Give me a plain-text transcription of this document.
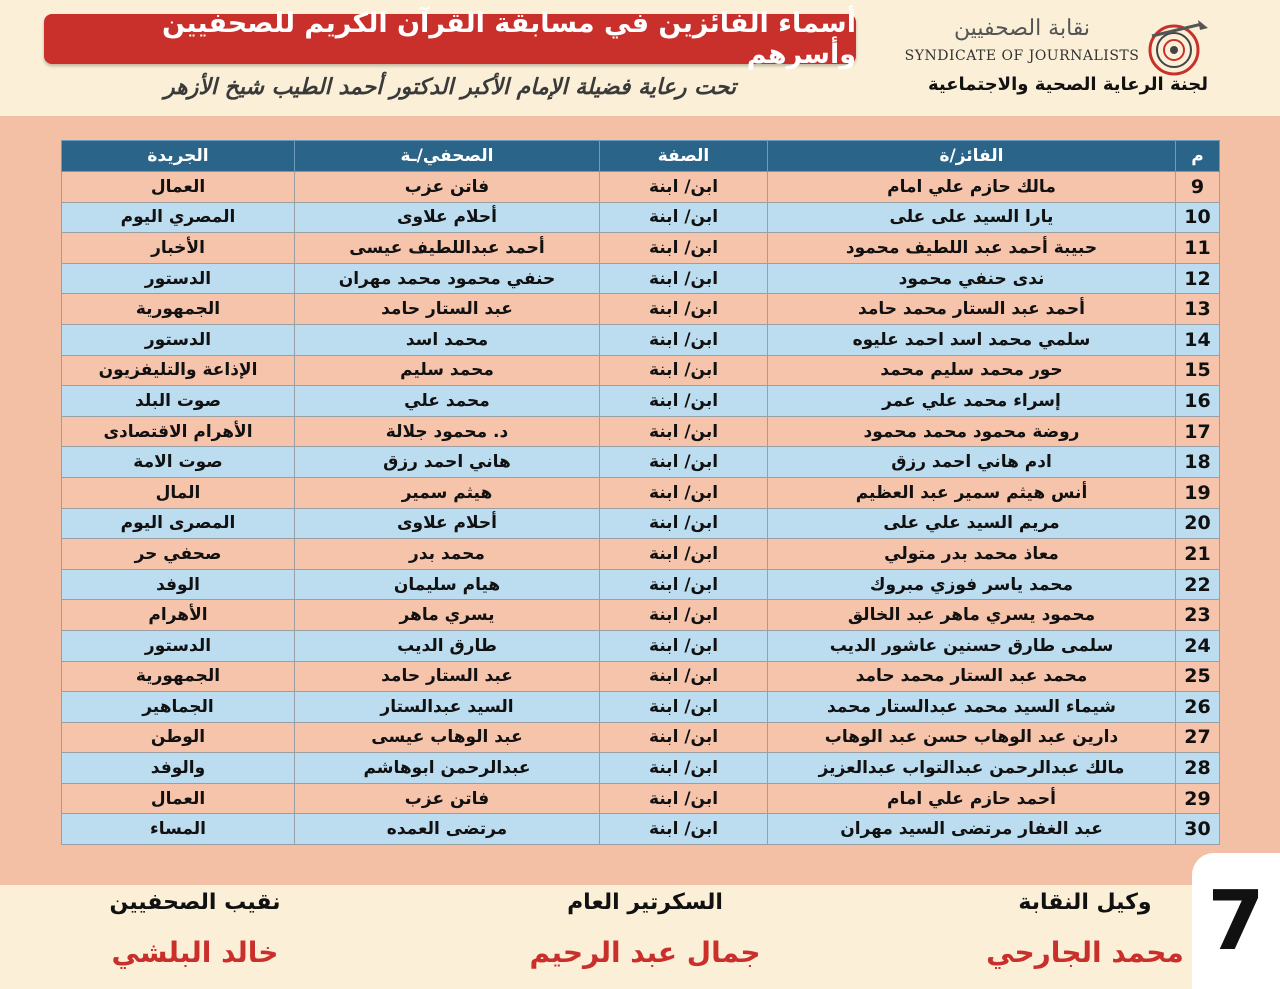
أسماء الفائزين في مسابقة القرآن الكريم للصحفيين وأسرهم
تحت رعاية فضيلة الإمام الأكبر الدكتور أحمد الطيب شيخ الأزهر
نقابة الصحفيين
SYNDICATE OF JOURNALISTS
لجنة الرعاية الصحية والاجتماعية
م	الفائز/ة	الصفة	الصحفي/ـة	الجريدة
9	مالك حازم علي امام	ابن/ ابنة	فاتن عزب	العمال
10	يارا السيد على على	ابن/ ابنة	أحلام علاوى	المصري اليوم
11	حبيبة أحمد عبد اللطيف محمود	ابن/ ابنة	أحمد عبداللطيف عيسى	الأخبار
12	ندى حنفي محمود	ابن/ ابنة	حنفي محمود محمد مهران	الدستور
13	أحمد عبد الستار محمد حامد	ابن/ ابنة	عبد الستار حامد	الجمهورية
14	سلمي محمد اسد احمد عليوه	ابن/ ابنة	محمد اسد	الدستور
15	حور محمد سليم محمد	ابن/ ابنة	محمد سليم	الإذاعة والتليفزيون
16	إسراء محمد علي عمر	ابن/ ابنة	محمد علي	صوت البلد
17	روضة محمود محمد محمود	ابن/ ابنة	د. محمود جلالة	الأهرام الاقتصادى
18	ادم هاني احمد رزق	ابن/ ابنة	هاني احمد رزق	صوت الامة
19	أنس هيثم سمير عبد العظيم	ابن/ ابنة	هيثم سمير	المال
20	مريم السيد علي على	ابن/ ابنة	أحلام علاوى	المصرى اليوم
21	معاذ محمد بدر متولي	ابن/ ابنة	محمد بدر	صحفي حر
22	محمد ياسر فوزي مبروك	ابن/ ابنة	هيام سليمان	الوفد
23	محمود يسري ماهر عبد الخالق	ابن/ ابنة	يسري ماهر	الأهرام
24	سلمى طارق حسنين عاشور الديب	ابن/ ابنة	طارق الديب	الدستور
25	محمد عبد الستار محمد حامد	ابن/ ابنة	عبد الستار حامد	الجمهورية
26	شيماء السيد محمد عبدالستار محمد	ابن/ ابنة	السيد عبدالستار	الجماهير
27	دارين عبد الوهاب حسن عبد الوهاب	ابن/ ابنة	عبد الوهاب عيسى	الوطن
28	مالك عبدالرحمن عبدالتواب عبدالعزيز	ابن/ ابنة	عبدالرحمن ابوهاشم	والوفد
29	أحمد حازم علي امام	ابن/ ابنة	فاتن عزب	العمال
30	عبد الغفار مرتضى السيد مهران	ابن/ ابنة	مرتضى العمده	المساء
وكيل النقابة
محمد الجارحي
السكرتير العام
جمال عبد الرحيم
نقيب الصحفيين
خالد البلشي	7
